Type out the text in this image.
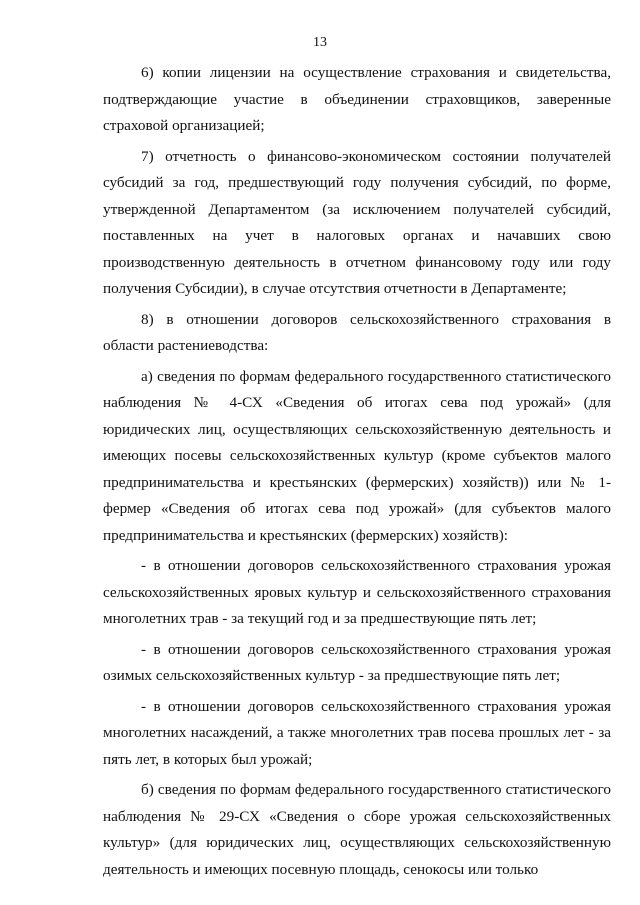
13

6) копии лицензии на осуществление страхования и свидетельства, подтверждающие участие в объединении страховщиков, заверенные страховой организацией;

7) отчетность о финансово-экономическом состоянии получателей субсидий за год, предшествующий году получения субсидий, по форме, утвержденной Департаментом (за исключением получателей субсидий, поставленных на учет в налоговых органах и начавших свою производственную деятельность в отчетном финансовому году или году получения Субсидии), в случае отсутствия отчетности в Департаменте;

8) в отношении договоров сельскохозяйственного страхования в области растениеводства:

а) сведения по формам федерального государственного статистического наблюдения № 4-СХ «Сведения об итогах сева под урожай» (для юридических лиц, осуществляющих сельскохозяйственную деятельность и имеющих посевы сельскохозяйственных культур (кроме субъектов малого предпринимательства и крестьянских (фермерских) хозяйств)) или № 1-фермер «Сведения об итогах сева под урожай» (для субъектов малого предпринимательства и крестьянских (фермерских) хозяйств):

- в отношении договоров сельскохозяйственного страхования урожая сельскохозяйственных яровых культур и сельскохозяйственного страхования многолетних трав - за текущий год и за предшествующие пять лет;

- в отношении договоров сельскохозяйственного страхования урожая озимых сельскохозяйственных культур - за предшествующие пять лет;

- в отношении договоров сельскохозяйственного страхования урожая многолетних насаждений, а также многолетних трав посева прошлых лет - за пять лет, в которых был урожай;

б) сведения по формам федерального государственного статистического наблюдения № 29-СХ «Сведения о сборе урожая сельскохозяйственных культур» (для юридических лиц, осуществляющих сельскохозяйственную деятельность и имеющих посевную площадь, сенокосы или только
